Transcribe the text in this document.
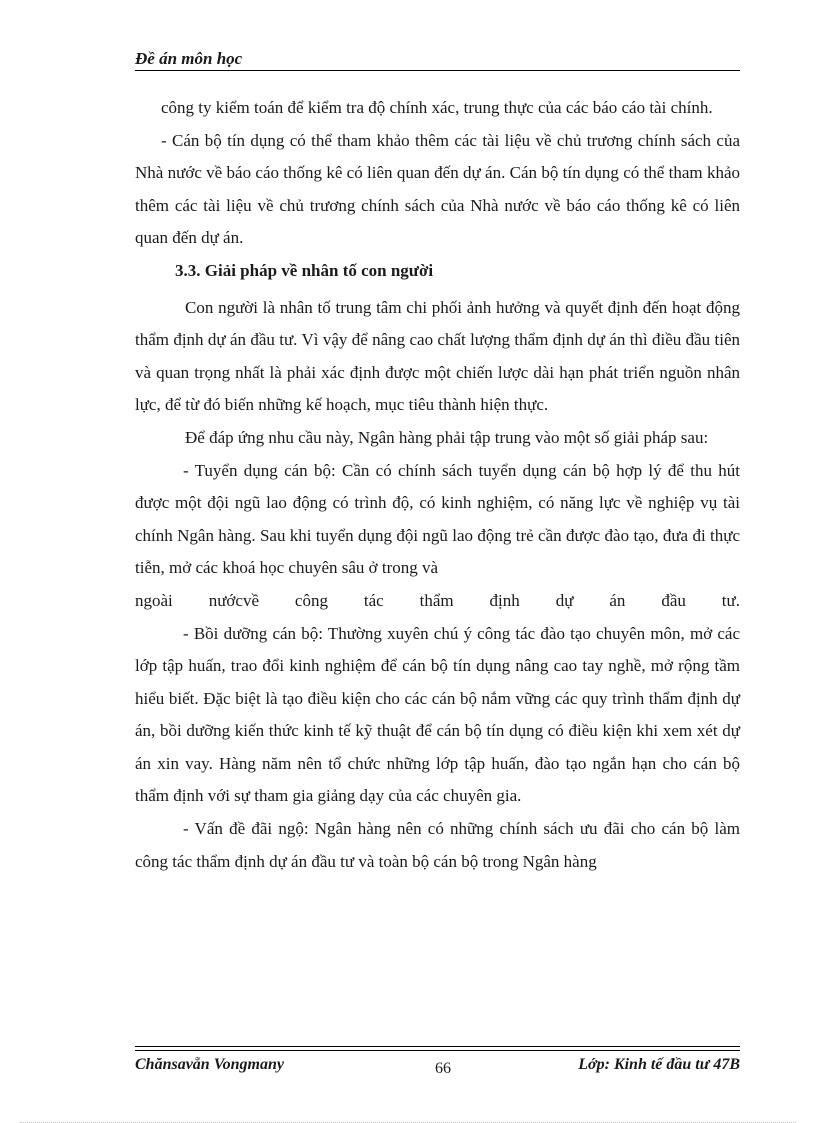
Đề án môn học

công ty kiểm toán để kiểm tra độ chính xác, trung thực của các báo cáo tài chính.

- Cán bộ tín dụng có thể tham khảo thêm các tài liệu về chủ trương chính sách của Nhà nước về báo cáo thống kê có liên quan đến dự án. Cán bộ tín dụng có thể tham khảo thêm các tài liệu về chủ trương chính sách của Nhà nước về báo cáo thống kê có liên quan đến dự án.

3.3. Giải pháp về nhân tố con người

Con người là nhân tố trung tâm chi phối ảnh hưởng và quyết định đến hoạt động thẩm định dự án đầu tư. Vì vậy để nâng cao chất lượng thẩm định dự án thì điều đầu tiên và quan trọng nhất là phải xác định được một chiến lược dài hạn phát triển nguồn nhân lực, để từ đó biến những kế hoạch, mục tiêu thành hiện thực.

Để đáp ứng nhu cầu này, Ngân hàng phải tập trung vào một số giải pháp sau:

- Tuyển dụng cán bộ: Cần có chính sách tuyển dụng cán bộ hợp lý để thu hút được một đội ngũ lao động có trình độ, có kinh nghiệm, có năng lực về nghiệp vụ tài chính Ngân hàng. Sau khi tuyển dụng đội ngũ lao động trẻ cần được đào tạo, đưa đi thực tiễn, mở các khoá học chuyên sâu ở trong và

ngoài nướcvề công tác thẩm định dự án đầu tư.

- Bồi dưỡng cán bộ: Thường xuyên chú ý công tác đào tạo chuyên môn, mở các lớp tập huấn, trao đổi kinh nghiệm để cán bộ tín dụng nâng cao tay nghề, mở rộng tầm hiểu biết. Đặc biệt là tạo điều kiện cho các cán bộ nắm vững các quy trình thẩm định dự án, bồi dưỡng kiến thức kinh tế kỹ thuật để cán bộ tín dụng có điều kiện khi xem xét dự án xin vay. Hàng năm nên tổ chức những lớp tập huấn, đào tạo ngắn hạn cho cán bộ thẩm định với sự tham gia giảng dạy của các chuyên gia.

- Vấn đề đãi ngộ: Ngân hàng nên có những chính sách ưu đãi cho cán bộ làm công tác thẩm định dự án đầu tư và toàn bộ cán bộ trong Ngân hàng

Chănsavẵn Vongmany	66	Lớp: Kinh tế đầu tư 47B
